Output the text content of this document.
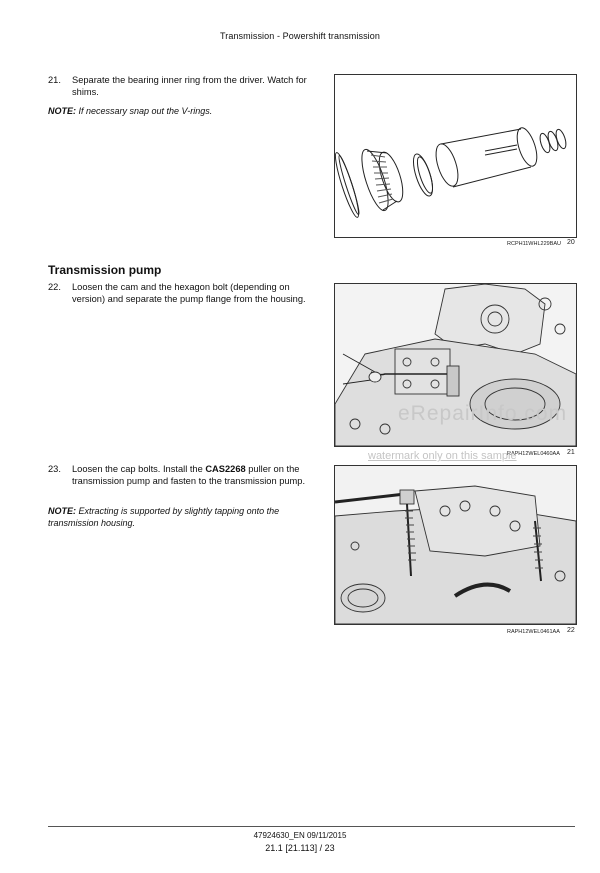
Transmission - Powershift transmission
21. Separate the bearing inner ring from the driver. Watch for shims.
NOTE: If necessary snap out the V-rings.
RCPH11WHL229BAU 20
Transmission pump
22. Loosen the cam and the hexagon bolt (depending on version) and separate the pump flange from the housing.
eRepairInfo.com
RAPH12WEL0460AA 21
watermark only on this sample
23. Loosen the cap bolts. Install the CAS2268 puller on the transmission pump and fasten to the transmission pump.
NOTE: Extracting is supported by slightly tapping onto the transmission housing.
RAPH12WEL0461AA 22
47924630_EN 09/11/2015
21.1 [21.113] / 23
